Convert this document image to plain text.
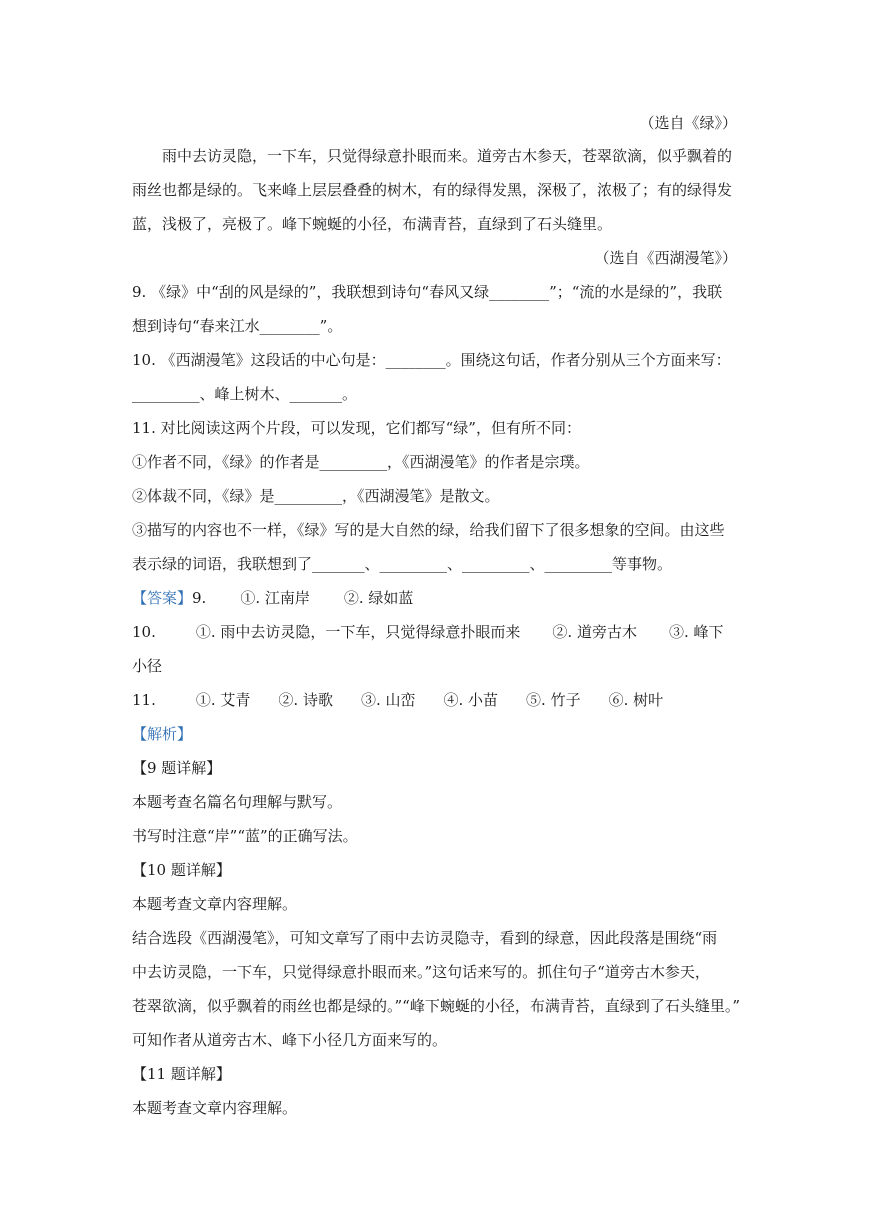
（选自《绿》）
雨中去访灵隐，一下车，只觉得绿意扑眼而来。道旁古木参天，苍翠欲滴，似乎飘着的
雨丝也都是绿的。飞来峰上层层叠叠的树木，有的绿得发黑，深极了，浓极了；有的绿得发
蓝，浅极了，亮极了。峰下蜿蜒的小径，布满青苔，直绿到了石头缝里。
（选自《西湖漫笔》）
9. 《绿》中“刮的风是绿的”，我联想到诗句“春风又绿________”；“流的水是绿的”，我联
想到诗句“春来江水________”。
10. 《西湖漫笔》这段话的中心句是：________。围绕这句话，作者分别从三个方面来写：
_________、峰上树木、_______。
11. 对比阅读这两个片段，可以发现，它们都写“绿”，但有所不同：
①作者不同，《绿》的作者是_________，《西湖漫笔》的作者是宗璞。
②体裁不同，《绿》是_________，《西湖漫笔》是散文。
③描写的内容也不一样，《绿》写的是大自然的绿，给我们留下了很多想象的空间。由这些
表示绿的词语，我联想到了_______、_________、_________、_________等事物。
【答案】9. ①. 江南岸 ②. 绿如蓝
10.	①. 雨中去访灵隐，一下车，只觉得绿意扑眼而来 ②. 道旁古木 ③. 峰下
小径
11.	①. 艾青 ②. 诗歌 ③. 山峦 ④. 小苗 ⑤. 竹子 ⑥. 树叶
【解析】
【9 题详解】
本题考查名篇名句理解与默写。
书写时注意“岸”“蓝”的正确写法。
【10 题详解】
本题考查文章内容理解。
结合选段《西湖漫笔》，可知文章写了雨中去访灵隐寺，看到的绿意，因此段落是围绕“雨
中去访灵隐，一下车，只觉得绿意扑眼而来。”这句话来写的。抓住句子“道旁古木参天，
苍翠欲滴，似乎飘着的雨丝也都是绿的。”“峰下蜿蜒的小径，布满青苔，直绿到了石头缝里。”
可知作者从道旁古木、峰下小径几方面来写的。
【11 题详解】
本题考查文章内容理解。
